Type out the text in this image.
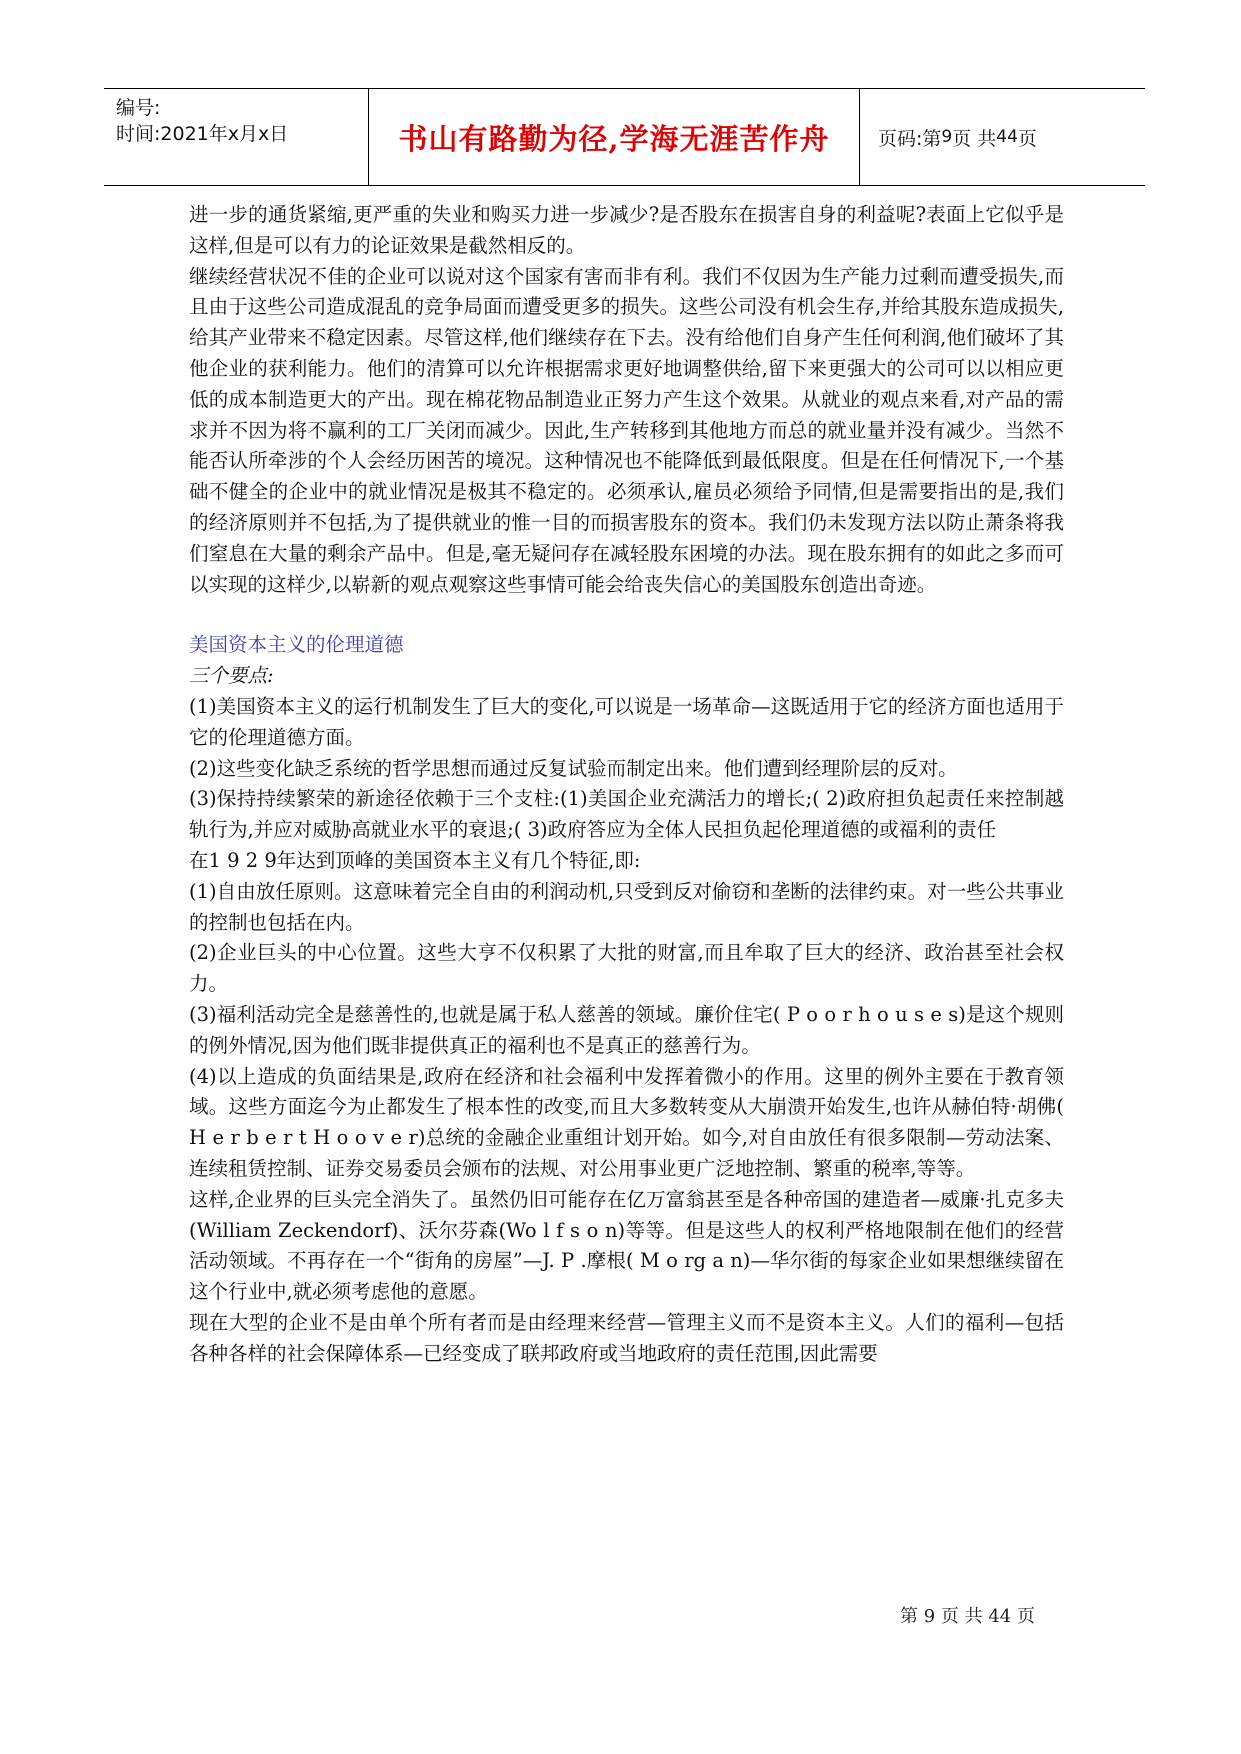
编号:
时间:2021年x月x日	书山有路勤为径,学海无涯苦作舟	页码:第 9 页 共 44 页

进一步的通货紧缩,更严重的失业和购买力进一步减少?是否股东在损害自身的利益呢?表面上它似乎是这样,但是可以有力的论证效果是截然相反的。

继续经营状况不佳的企业可以说对这个国家有害而非有利。我们不仅因为生产能力过剩而遭受损失,而且由于这些公司造成混乱的竞争局面而遭受更多的损失。这些公司没有机会生存,并给其股东造成损失,给其产业带来不稳定因素。尽管这样,他们继续存在下去。没有给他们自身产生任何利润,他们破坏了其他企业的获利能力。他们的清算可以允许根据需求更好地调整供给,留下来更强大的公司可以以相应更低的成本制造更大的产出。现在棉花物品制造业正努力产生这个效果。从就业的观点来看,对产品的需求并不因为将不赢利的工厂关闭而减少。因此,生产转移到其他地方而总的就业量并没有减少。当然不能否认所牵涉的个人会经历困苦的境况。这种情况也不能降低到最低限度。但是在任何情况下,一个基础不健全的企业中的就业情况是极其不稳定的。必须承认,雇员必须给予同情,但是需要指出的是,我们的经济原则并不包括,为了提供就业的惟一目的而损害股东的资本。我们仍未发现方法以防止萧条将我们窒息在大量的剩余产品中。但是,毫无疑问存在减轻股东困境的办法。现在股东拥有的如此之多而可以实现的这样少,以崭新的观点观察这些事情可能会给丧失信心的美国股东创造出奇迹。

美国资本主义的伦理道德

三个要点:

(1)美国资本主义的运行机制发生了巨大的变化,可以说是一场革命—这既适用于它的经济方面也适用于它的伦理道德方面。

(2)这些变化缺乏系统的哲学思想而通过反复试验而制定出来。他们遭到经理阶层的反对。

(3)保持持续繁荣的新途径依赖于三个支柱:(1)美国企业充满活力的增长;( 2)政府担负起责任来控制越轨行为,并应对威胁高就业水平的衰退;( 3)政府答应为全体人民担负起伦理道德的或福利的责任

在1 9 2 9年达到顶峰的美国资本主义有几个特征,即:

(1)自由放任原则。这意味着完全自由的利润动机,只受到反对偷窃和垄断的法律约束。对一些公共事业的控制也包括在内。

(2)企业巨头的中心位置。这些大亨不仅积累了大批的财富,而且牟取了巨大的经济、政治甚至社会权力。

(3)福利活动完全是慈善性的,也就是属于私人慈善的领域。廉价住宅( P o o r h o u s e s)是这个规则的例外情况,因为他们既非提供真正的福利也不是真正的慈善行为。

(4)以上造成的负面结果是,政府在经济和社会福利中发挥着微小的作用。这里的例外主要在于教育领域。这些方面迄今为止都发生了根本性的改变,而且大多数转变从大崩溃开始发生,也许从赫伯特·胡佛( H e r b e r t H o o v e r)总统的金融企业重组计划开始。如今,对自由放任有很多限制—劳动法案、连续租赁控制、证券交易委员会颁布的法规、对公用事业更广泛地控制、繁重的税率,等等。

这样,企业界的巨头完全消失了。虽然仍旧可能存在亿万富翁甚至是各种帝国的建造者—威廉·扎克多夫(William Zeckendorf)、沃尔芬森(Wo l f s o n)等等。但是这些人的权利严格地限制在他们的经营活动领域。不再存在一个“街角的房屋”—J. P .摩根( M o rg a n)—华尔街的每家企业如果想继续留在这个行业中,就必须考虑他的意愿。

现在大型的企业不是由单个所有者而是由经理来经营—管理主义而不是资本主义。人们的福利—包括各种各样的社会保障体系—已经变成了联邦政府或当地政府的责任范围,因此需要

第 9 页 共 44 页
